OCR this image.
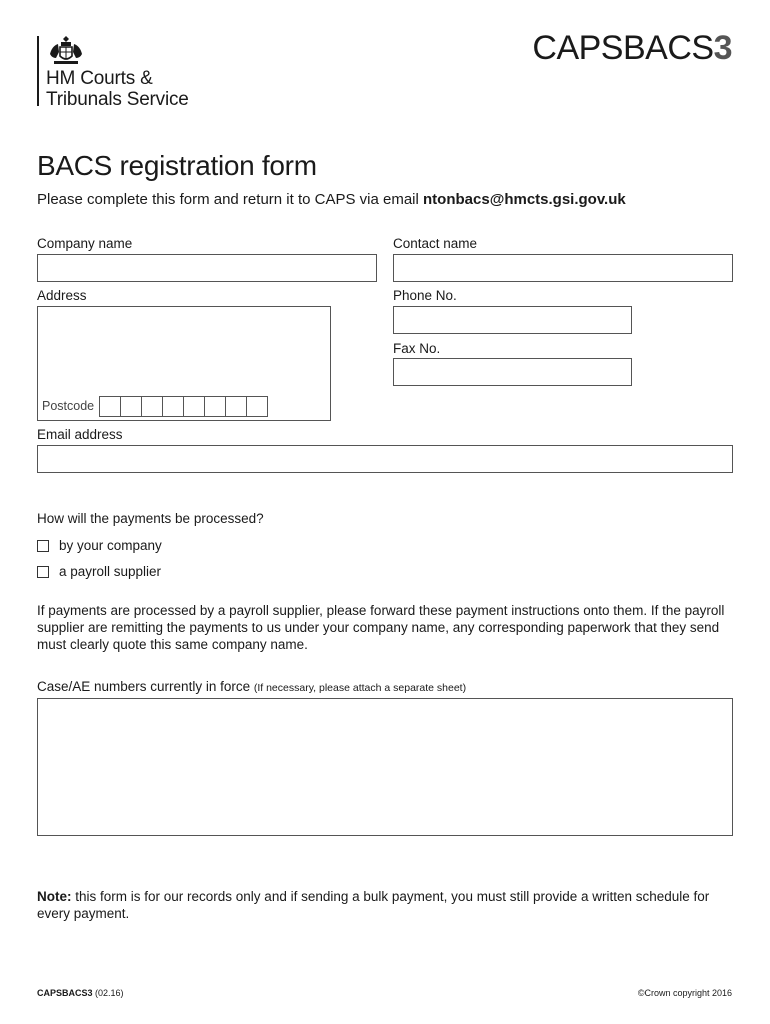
HM Courts &
Tribunals Service
CAPSBACS3
BACS registration form
Please complete this form and return it to CAPS via email ntonbacs@hmcts.gsi.gov.uk
Company name	Contact name
Address
Postcode
Phone No.
Fax No.
Email address
How will the payments be processed?
by your company
a payroll supplier
If payments are processed by a payroll supplier, please forward these payment instructions onto them. If the payroll supplier are remitting the payments to us under your company name, any corresponding paperwork that they send must clearly quote this same company name.
Case/AE numbers currently in force (If necessary, please attach a separate sheet)
Note: this form is for our records only and if sending a bulk payment, you must still provide a written schedule for every payment.
CAPSBACS3 (02.16)	©Crown copyright 2016
